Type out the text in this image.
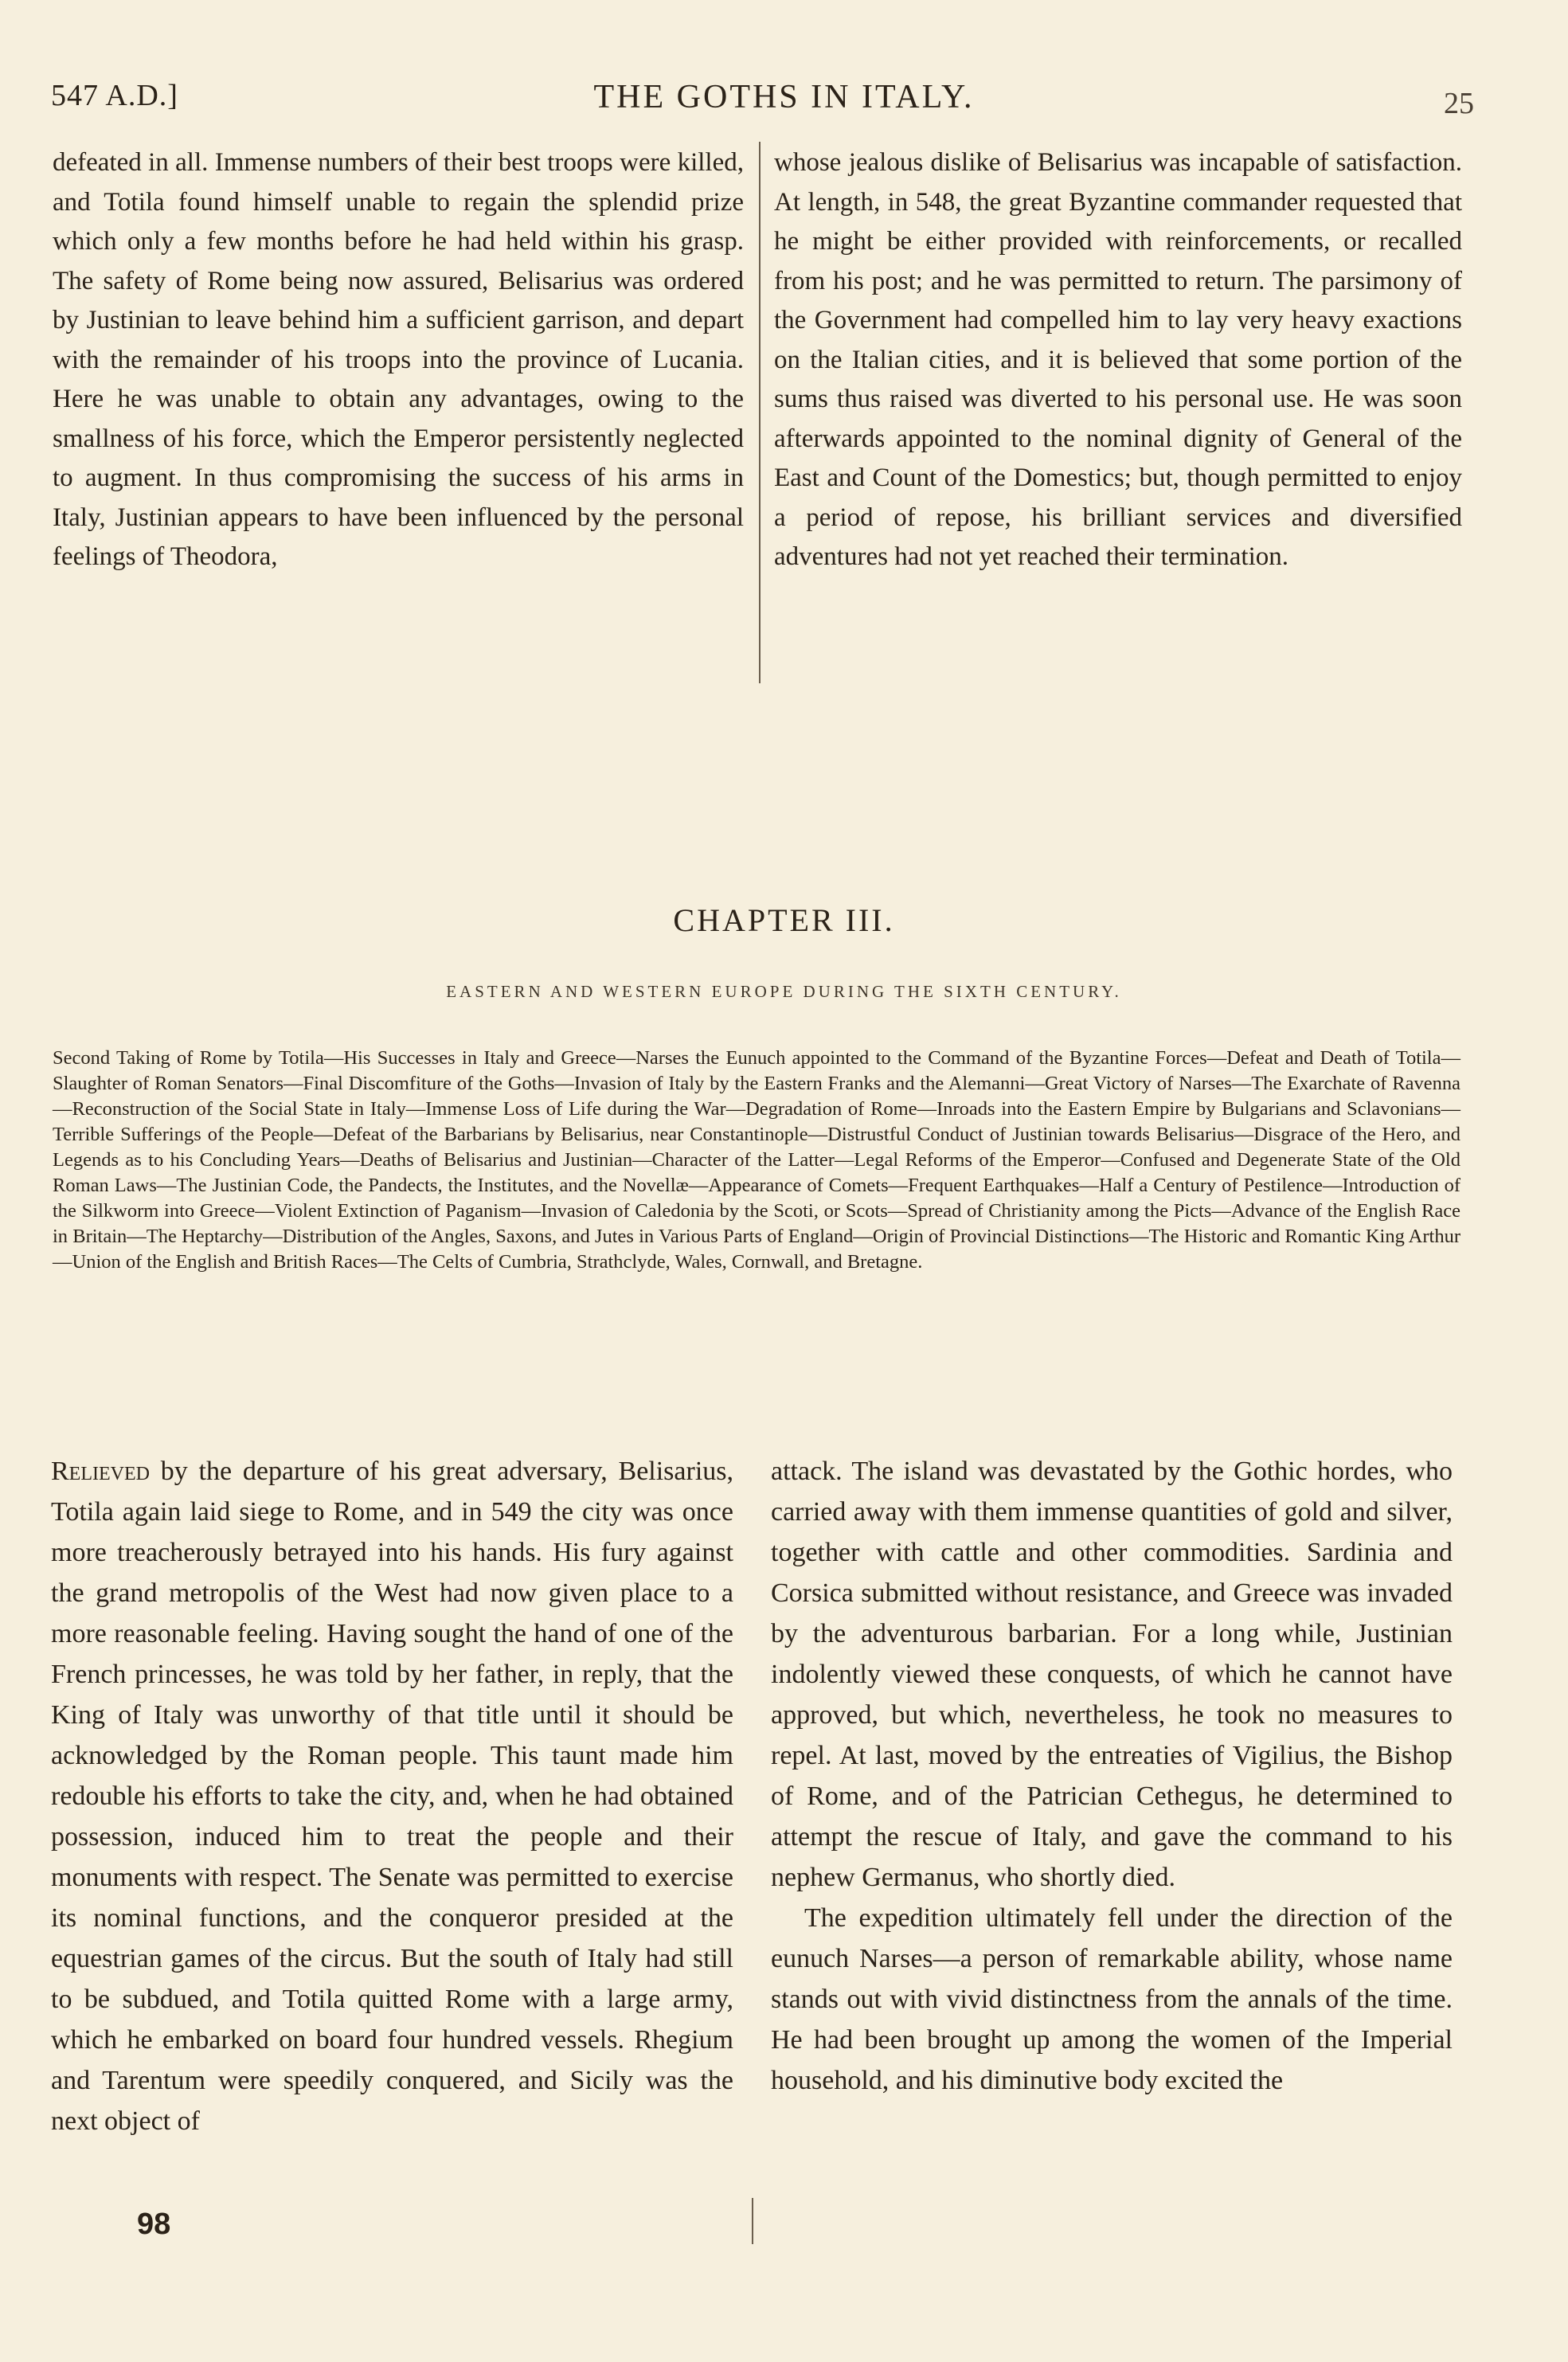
547 A.D.]	THE GOTHS IN ITALY.	25

defeated in all. Immense numbers of their best troops were killed, and Totila found himself unable to regain the splendid prize which only a few months before he had held within his grasp. The safety of Rome being now assured, Belisarius was ordered by Justinian to leave behind him a sufficient garrison, and depart with the remainder of his troops into the province of Lucania. Here he was unable to obtain any advantages, owing to the smallness of his force, which the Emperor persistently neglected to augment. In thus compromising the success of his arms in Italy, Justinian appears to have been influenced by the personal feelings of Theodora,

whose jealous dislike of Belisarius was incapable of satisfaction. At length, in 548, the great Byzantine commander requested that he might be either provided with reinforcements, or recalled from his post; and he was permitted to return. The parsimony of the Government had compelled him to lay very heavy exactions on the Italian cities, and it is believed that some portion of the sums thus raised was diverted to his personal use. He was soon afterwards appointed to the nominal dignity of General of the East and Count of the Domestics; but, though permitted to enjoy a period of repose, his brilliant services and diversified adventures had not yet reached their termination.

CHAPTER III.
EASTERN AND WESTERN EUROPE DURING THE SIXTH CENTURY.

Second Taking of Rome by Totila—His Successes in Italy and Greece—Narses the Eunuch appointed to the Command of the Byzantine Forces—Defeat and Death of Totila—Slaughter of Roman Senators—Final Discomfiture of the Goths—Invasion of Italy by the Eastern Franks and the Alemanni—Great Victory of Narses—The Exarchate of Ravenna—Reconstruction of the Social State in Italy—Immense Loss of Life during the War—Degradation of Rome—Inroads into the Eastern Empire by Bulgarians and Sclavonians—Terrible Sufferings of the People—Defeat of the Barbarians by Belisarius, near Constantinople—Distrustful Conduct of Justinian towards Belisarius—Disgrace of the Hero, and Legends as to his Concluding Years—Deaths of Belisarius and Justinian—Character of the Latter—Legal Reforms of the Emperor—Confused and Degenerate State of the Old Roman Laws—The Justinian Code, the Pandects, the Institutes, and the Novellæ—Appearance of Comets—Frequent Earthquakes—Half a Century of Pestilence—Introduction of the Silkworm into Greece—Violent Extinction of Paganism—Invasion of Caledonia by the Scoti, or Scots—Spread of Christianity among the Picts—Advance of the English Race in Britain—The Heptarchy—Distribution of the Angles, Saxons, and Jutes in Various Parts of England—Origin of Provincial Distinctions—The Historic and Romantic King Arthur—Union of the English and British Races—The Celts of Cumbria, Strathclyde, Wales, Cornwall, and Bretagne.

Relieved by the departure of his great adversary, Belisarius, Totila again laid siege to Rome, and in 549 the city was once more treacherously betrayed into his hands. His fury against the grand metropolis of the West had now given place to a more reasonable feeling. Having sought the hand of one of the French princesses, he was told by her father, in reply, that the King of Italy was unworthy of that title until it should be acknowledged by the Roman people. This taunt made him redouble his efforts to take the city, and, when he had obtained possession, induced him to treat the people and their monuments with respect. The Senate was permitted to exercise its nominal functions, and the conqueror presided at the equestrian games of the circus. But the south of Italy had still to be subdued, and Totila quitted Rome with a large army, which he embarked on board four hundred vessels. Rhegium and Tarentum were speedily conquered, and Sicily was the next object of

attack. The island was devastated by the Gothic hordes, who carried away with them immense quantities of gold and silver, together with cattle and other commodities. Sardinia and Corsica submitted without resistance, and Greece was invaded by the adventurous barbarian. For a long while, Justinian indolently viewed these conquests, of which he cannot have approved, but which, nevertheless, he took no measures to repel. At last, moved by the entreaties of Vigilius, the Bishop of Rome, and of the Patrician Cethegus, he determined to attempt the rescue of Italy, and gave the command to his nephew Germanus, who shortly died.

The expedition ultimately fell under the direction of the eunuch Narses—a person of remarkable ability, whose name stands out with vivid distinctness from the annals of the time. He had been brought up among the women of the Imperial household, and his diminutive body excited the

98
